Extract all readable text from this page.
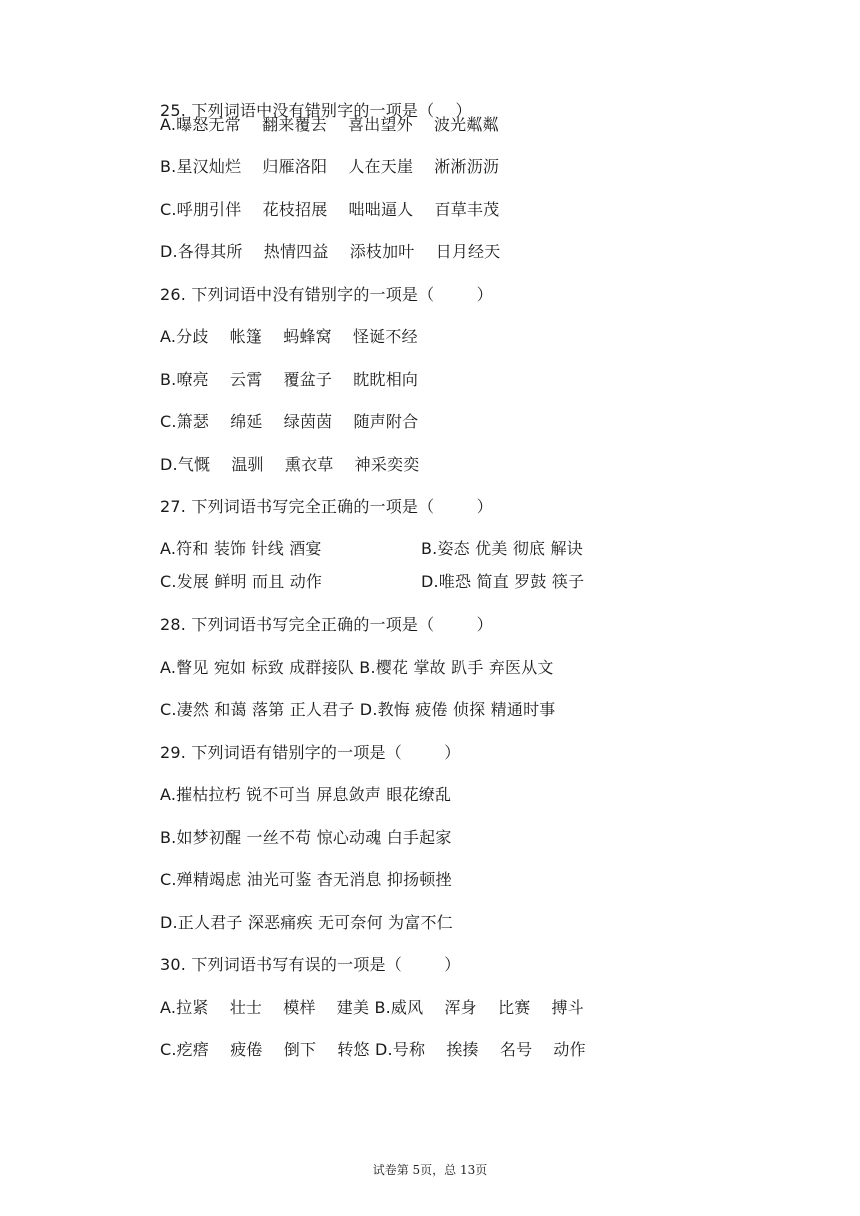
25. 下列词语中没有错别字的一项是（    ）
A.曝怒无常    翻来覆去    喜出望外    波光粼粼
B.星汉灿烂    归雁洛阳    人在天崖    淅淅沥沥
C.呼朋引伴    花枝招展    咄咄逼人    百草丰茂
D.各得其所    热情四益    添枝加叶    日月经天
26. 下列词语中没有错别字的一项是（        ）
A.分歧    帐篷    蚂蜂窝    怪诞不经
B.嘹亮    云霄    覆盆子    眈眈相向
C.箫瑟    绵延    绿茵茵    随声附合
D.气慨    温驯    熏衣草    神采奕奕
27. 下列词语书写完全正确的一项是（        ）
A.符和 装饰 针线 酒宴	B.姿态 优美 彻底 解诀
C.发展 鲜明 而且 动作	D.唯恐 简直 罗鼓 筷子
28. 下列词语书写完全正确的一项是（        ）
A.瞥见 宛如 标致 成群接队 B.樱花 掌故 趴手 弃医从文
C.凄然 和蔼 落第 正人君子 D.教悔 疲倦 侦探 精通时事
29. 下列词语有错别字的一项是（        ）
A.摧枯拉朽 锐不可当 屏息敛声 眼花缭乱
B.如梦初醒 一丝不苟 惊心动魂 白手起家
C.殚精竭虑 油光可鉴 杳无消息 抑扬顿挫
D.正人君子 深恶痛疾 无可奈何 为富不仁
30. 下列词语书写有误的一项是（        ）
A.拉紧    壮士    模样    建美 B.威风    浑身    比赛    搏斗
C.疙瘩    疲倦    倒下    转悠 D.号称    挨揍    名号    动作
试卷第 5页，总 13页
